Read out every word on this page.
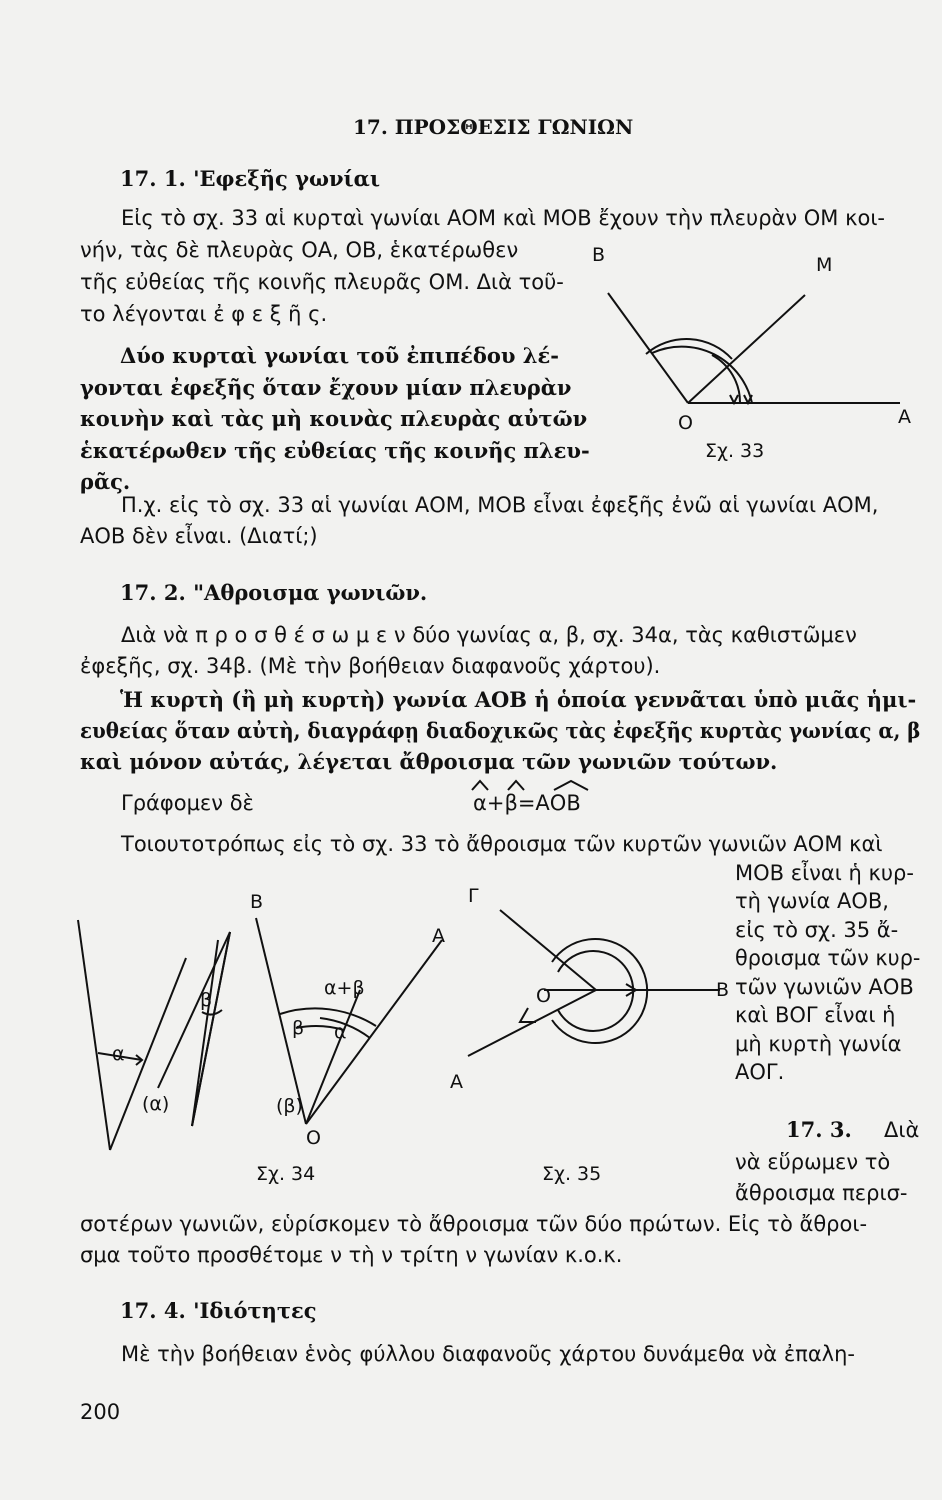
17. ΠΡΟΣΘΕΣΙΣ ΓΩΝΙΩΝ
17. 1. 'Εφεξῆς γωνίαι
Εἰς τὸ σχ. 33 αἱ κυρταὶ γωνίαι ΑΟΜ καὶ ΜΟΒ ἔχουν τὴν πλευρὰν ΟΜ κοι-
νήν, τὰς δὲ πλευρὰς ΟΑ, ΟΒ, ἑκατέρωθεν
τῆς εὐθείας τῆς κοινῆς πλευρᾶς ΟΜ. Διὰ τοῦ-
το λέγονται ἐ φ ε ξ ῆ ς.
Δύο κυρταὶ γωνίαι τοῦ ἐπιπέδου λέ-
γονται ἐφεξῆς ὅταν ἔχουν μίαν πλευρὰν
κοινὴν καὶ τὰς μὴ κοινὰς πλευρὰς αὐτῶν
ἑκατέρωθεν τῆς εὐθείας τῆς κοινῆς πλευ-
ρᾶς.
B	M
O	A
Σχ. 33
Π.χ. εἰς τὸ σχ. 33 αἱ γωνίαι ΑΟΜ, ΜΟΒ εἶναι ἐφεξῆς ἐνῶ αἱ γωνίαι ΑΟΜ,
ΑΟΒ δὲν εἶναι. (Διατί;)
17. 2. "Αθροισμα γωνιῶν.
Διὰ νὰ π ρ ο σ θ έ σ ω μ ε ν δύο γωνίας α, β, σχ. 34α, τὰς καθιστῶμεν
ἐφεξῆς, σχ. 34β. (Μὲ τὴν βοήθειαν διαφανοῦς χάρτου).
Ἡ κυρτὴ (ἢ μὴ κυρτὴ) γωνία ΑΟΒ ἡ ὁποία γεννᾶται ὑπὸ μιᾶς ἡμι-
ευθείας ὅταν αὐτὴ, διαγράφῃ διαδοχικῶς τὰς ἐφεξῆς κυρτὰς γωνίας α, β
καὶ μόνον αὐτάς, λέγεται ἄθροισμα τῶν γωνιῶν τούτων.
Γράφομεν δὲ	α+β=ΑΟΒ
Τοιουτοτρόπως εἰς τὸ σχ. 33 τὸ ἄθροισμα τῶν κυρτῶν γωνιῶν ΑΟΜ καὶ
ΜΟΒ εἶναι ἡ κυρ-
τὴ γωνία ΑΟΒ,
εἰς τὸ σχ. 35 ἄ-
θροισμα τῶν κυρ-
τῶν γωνιῶν ΑΟΒ
καὶ ΒΟΓ εἶναι ἡ
μὴ κυρτὴ γωνία
ΑΟΓ.
α
(α)
β
B
α+β
β α
A
(β)
O
Σχ. 34
Γ
O	B
A
Σχ. 35
17. 3. Διὰ
νὰ εὕρωμεν τὸ
ἄθροισμα περισ-
σοτέρων γωνιῶν, εὑρίσκομεν τὸ ἄθροισμα τῶν δύο πρώτων. Εἰς τὸ ἄθροι-
σμα τοῦτο προσθέτομε ν τὴ ν τρίτη ν γωνίαν κ.ο.κ.
17. 4. 'Ιδιότητες
Μὲ τὴν βοήθειαν ἑνὸς φύλλου διαφανοῦς χάρτου δυνάμεθα νὰ ἐπαλη-
200
